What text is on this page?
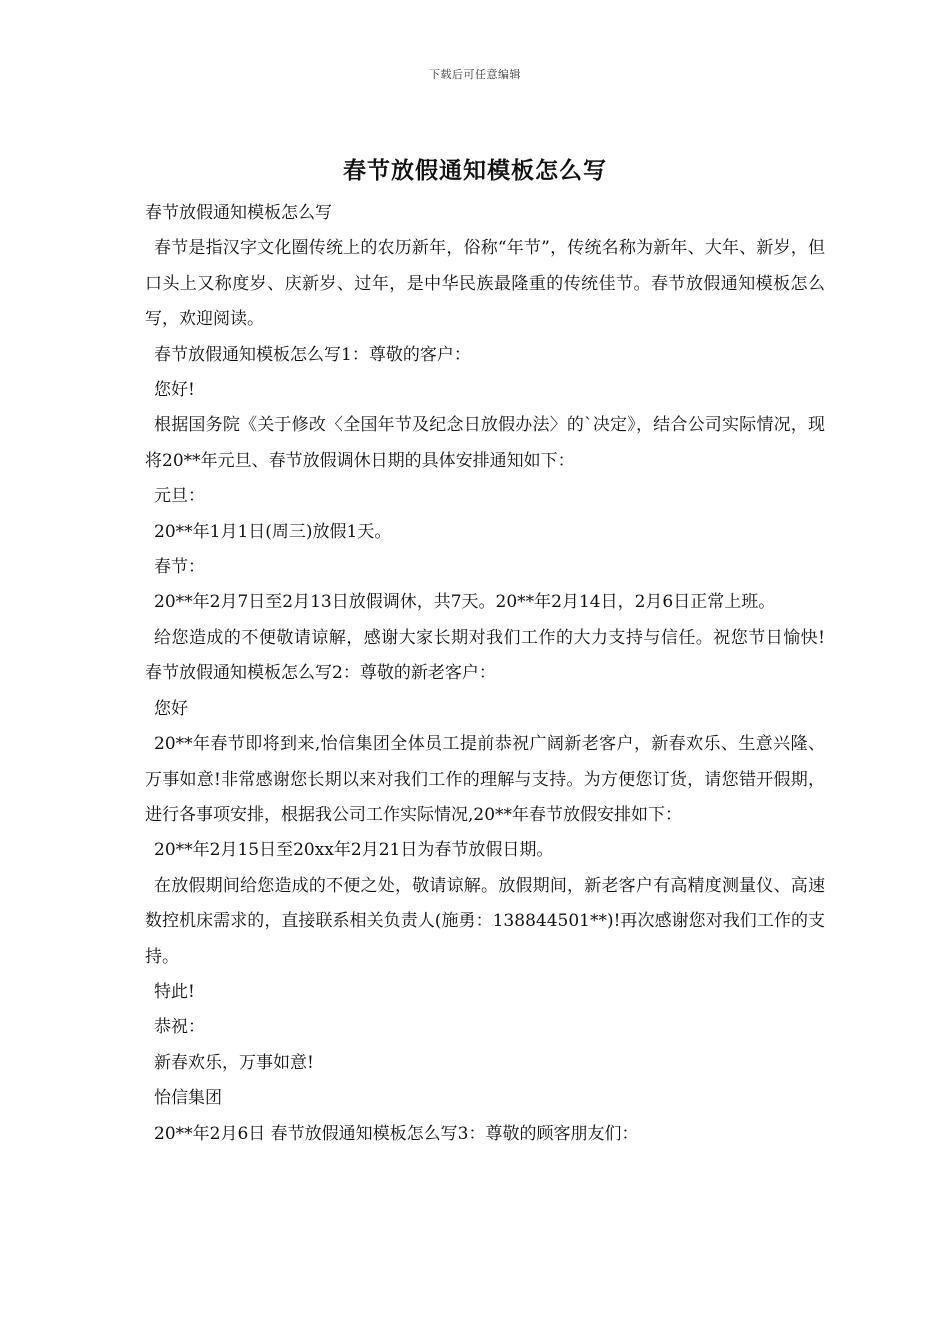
下载后可任意编辑
春节放假通知模板怎么写

春节放假通知模板怎么写

春节是指汉字文化圈传统上的农历新年，俗称“年节”，传统名称为新年、大年、新岁，但口头上又称度岁、庆新岁、过年，是中华民族最隆重的传统佳节。春节放假通知模板怎么写，欢迎阅读。

春节放假通知模板怎么写1：尊敬的客户：

您好!

根据国务院《关于修改〈全国年节及纪念日放假办法〉的`决定》，结合公司实际情况，现将20**年元旦、春节放假调休日期的具体安排通知如下：

元旦：

20**年1月1日(周三)放假1天。

春节：

20**年2月7日至2月13日放假调休，共7天。20**年2月14日，2月6日正常上班。

给您造成的不便敬请谅解，感谢大家长期对我们工作的大力支持与信任。祝您节日愉快! 春节放假通知模板怎么写2：尊敬的新老客户：

您好

20**年春节即将到来,怡信集团全体员工提前恭祝广阔新老客户，新春欢乐、生意兴隆、万事如意!非常感谢您长期以来对我们工作的理解与支持。为方便您订货，请您错开假期，进行各事项安排，根据我公司工作实际情况,20**年春节放假安排如下：

20**年2月15日至20xx年2月21日为春节放假日期。

在放假期间给您造成的不便之处，敬请谅解。放假期间，新老客户有高精度测量仪、高速数控机床需求的，直接联系相关负责人(施勇：138844501**)!再次感谢您对我们工作的支持。

特此!

恭祝：

新春欢乐，万事如意!

怡信集团

20**年2月6日 春节放假通知模板怎么写3：尊敬的顾客朋友们：
